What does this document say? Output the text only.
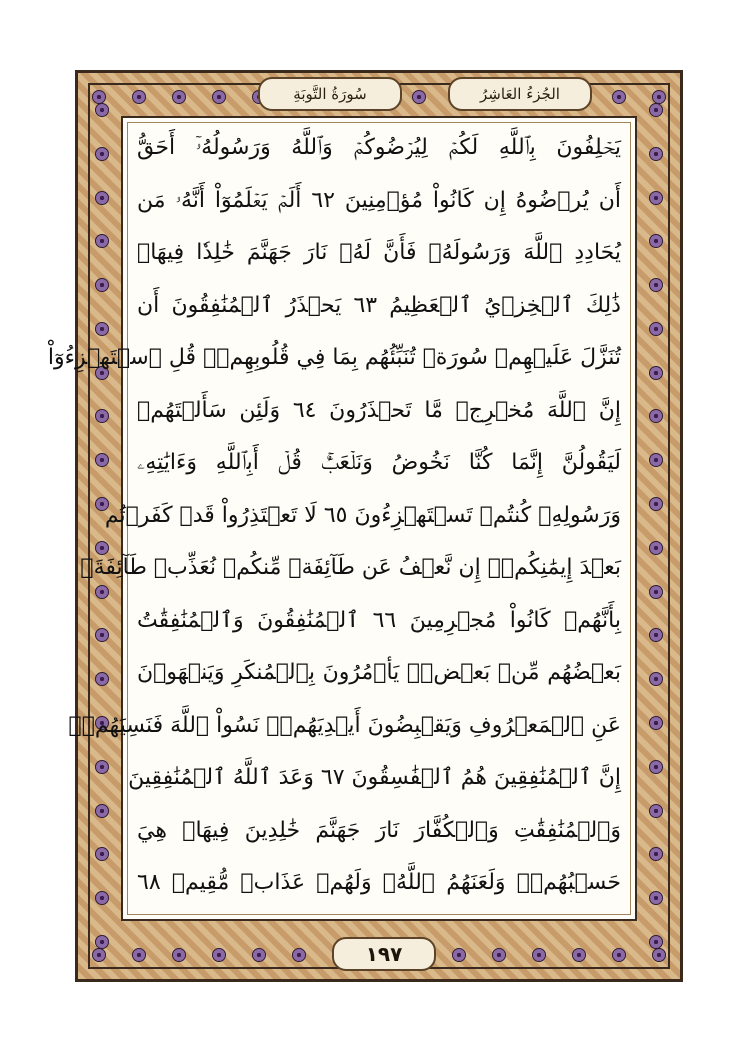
الجُزءُ العَاشِرُ
سُورَةُ التَّوبَةِ
يَحۡلِفُونَ بِٱللَّهِ لَكُمۡ لِيُرۡضُوكُمۡ وَٱللَّهُ وَرَسُولُهُۥٓ أَحَقُّ
أَن يُرۡضُوهُ إِن كَانُواْ مُؤۡمِنِينَ ٦٢ أَلَمۡ يَعۡلَمُوٓاْ أَنَّهُۥ مَن
يُحَادِدِ ٱللَّهَ وَرَسُولَهُۥ فَأَنَّ لَهُۥ نَارَ جَهَنَّمَ خَٰلِدٗا فِيهَاۚ
ذَٰلِكَ ٱلۡخِزۡيُ ٱلۡعَظِيمُ ٦٣ يَحۡذَرُ ٱلۡمُنَٰفِقُونَ أَن
تُنَزَّلَ عَلَيۡهِمۡ سُورَةٞ تُنَبِّئُهُم بِمَا فِي قُلُوبِهِمۡۚ قُلِ ٱسۡتَهۡزِءُوٓاْ
إِنَّ ٱللَّهَ مُخۡرِجٞ مَّا تَحۡذَرُونَ ٦٤ وَلَئِن سَأَلۡتَهُمۡ
لَيَقُولُنَّ إِنَّمَا كُنَّا نَخُوضُ وَنَلۡعَبُۚ قُلۡ أَبِٱللَّهِ وَءَايَٰتِهِۦ
وَرَسُولِهِۦ كُنتُمۡ تَسۡتَهۡزِءُونَ ٦٥ لَا تَعۡتَذِرُواْ قَدۡ كَفَرۡتُم
بَعۡدَ إِيمَٰنِكُمۡۚ إِن نَّعۡفُ عَن طَآئِفَةٖ مِّنكُمۡ نُعَذِّبۡ طَآئِفَةَۢ
بِأَنَّهُمۡ كَانُواْ مُجۡرِمِينَ ٦٦ ٱلۡمُنَٰفِقُونَ وَٱلۡمُنَٰفِقَٰتُ
بَعۡضُهُم مِّنۢ بَعۡضٖۚ يَأۡمُرُونَ بِٱلۡمُنكَرِ وَيَنۡهَوۡنَ
عَنِ ٱلۡمَعۡرُوفِ وَيَقۡبِضُونَ أَيۡدِيَهُمۡۚ نَسُواْ ٱللَّهَ فَنَسِيَهُمۡۚ
إِنَّ ٱلۡمُنَٰفِقِينَ هُمُ ٱلۡفَٰسِقُونَ ٦٧ وَعَدَ ٱللَّهُ ٱلۡمُنَٰفِقِينَ
وَٱلۡمُنَٰفِقَٰتِ وَٱلۡكُفَّارَ نَارَ جَهَنَّمَ خَٰلِدِينَ فِيهَاۚ هِيَ
حَسۡبُهُمۡۚ وَلَعَنَهُمُ ٱللَّهُۖ وَلَهُمۡ عَذَابٞ مُّقِيمٞ ٦٨
١٩٧
